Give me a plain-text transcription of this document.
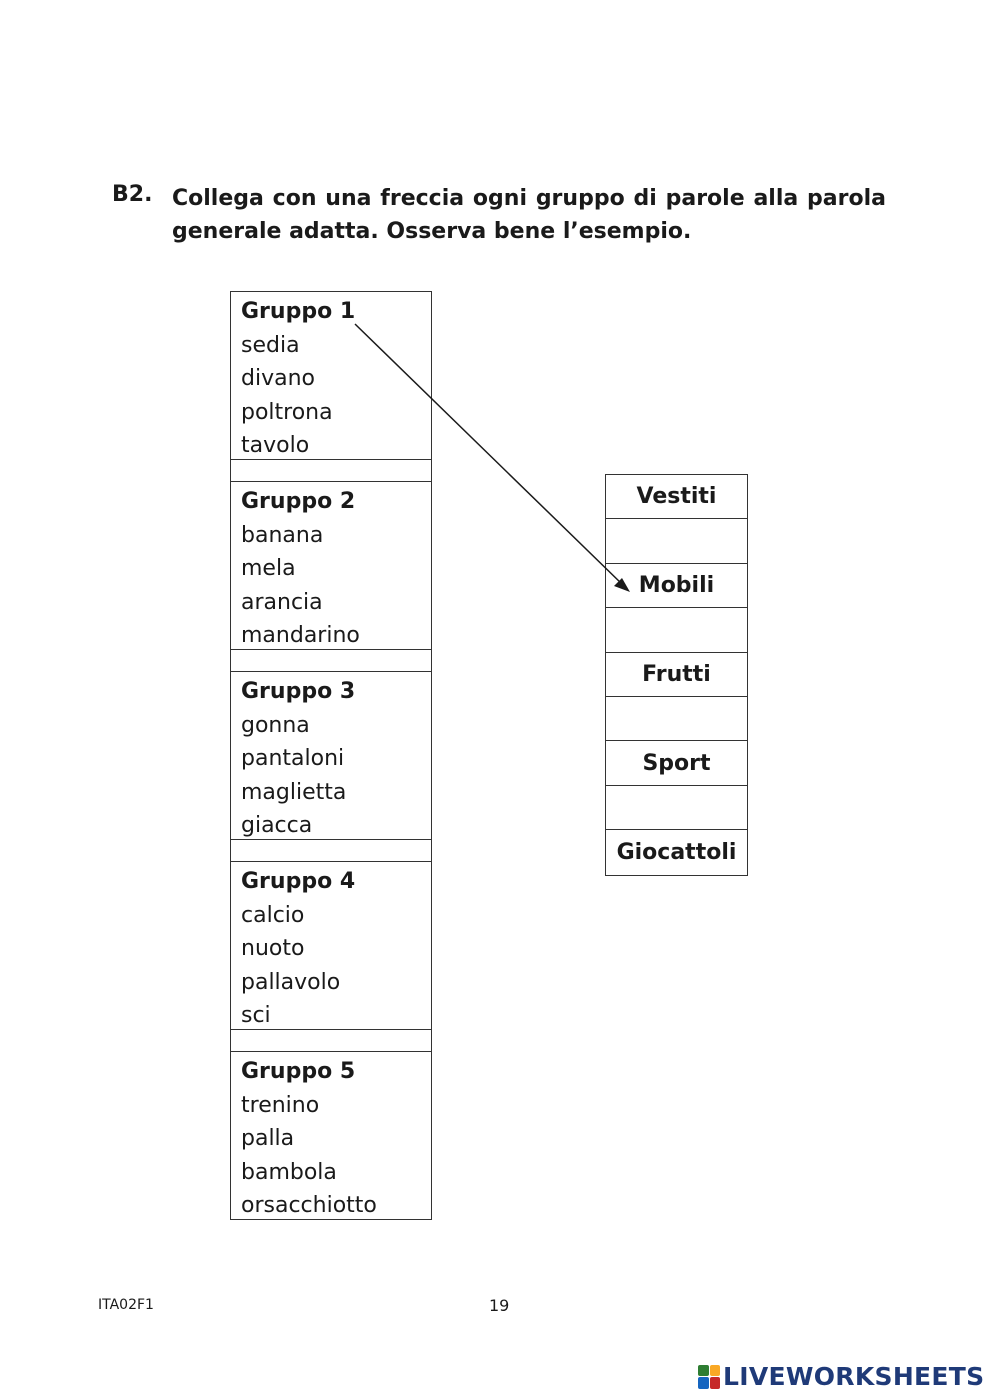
B2. Collega con una freccia ogni gruppo di parole alla parola generale adatta. Osserva bene l’esempio.
Gruppo 1
sedia
divano
poltrona
tavolo
Gruppo 2
banana
mela
arancia
mandarino
Gruppo 3
gonna
pantaloni
maglietta
giacca
Gruppo 4
calcio
nuoto
pallavolo
sci
Gruppo 5
trenino
palla
bambola
orsacchiotto
Vestiti
Mobili
Frutti
Sport
Giocattoli
ITA02F1	19
LIVEWORKSHEETS
